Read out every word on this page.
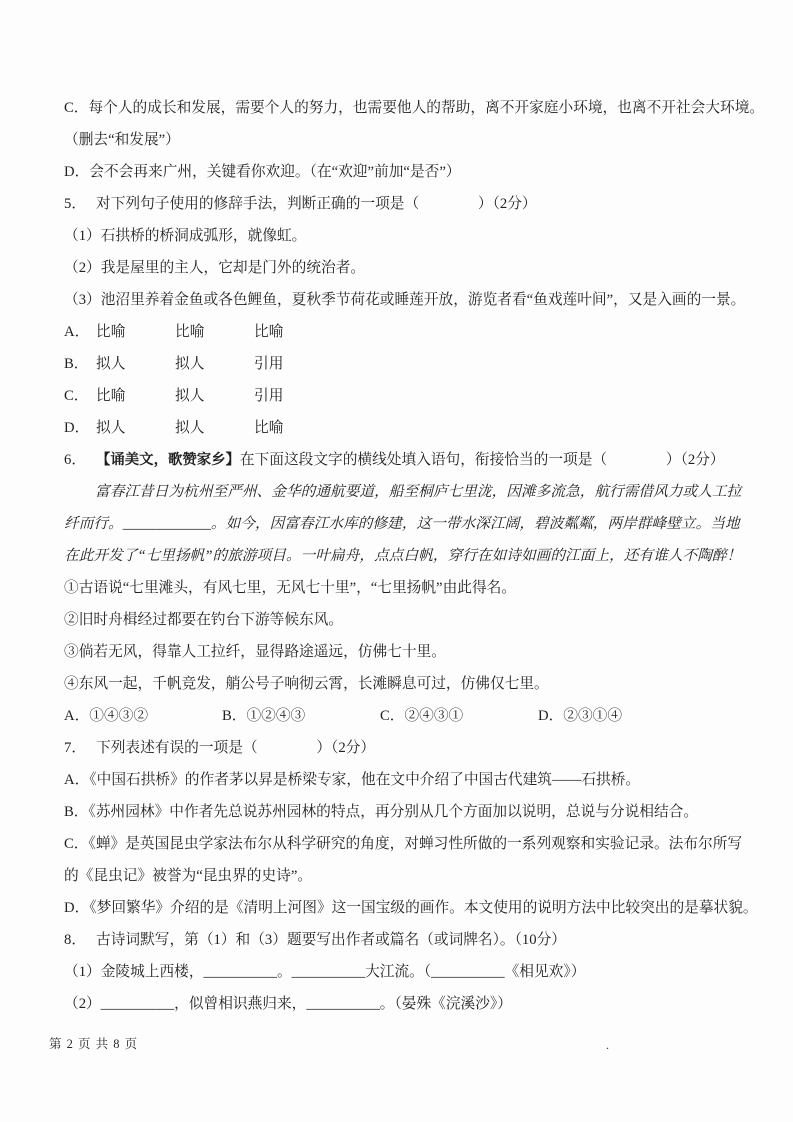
C．每个人的成长和发展，需要个人的努力，也需要他人的帮助，离不开家庭小环境，也离不开社会大环境。
（删去“和发展”）
D．会不会再来广州，关键看你欢迎。（在“欢迎”前加“是否”）
5． 对下列句子使用的修辞手法，判断正确的一项是（　　　　）（2分）
（1）石拱桥的桥洞成弧形，就像虹。
（2）我是屋里的主人，它却是门外的统治者。
（3）池沼里养着金鱼或各色鲤鱼，夏秋季节荷花或睡莲开放，游览者看“鱼戏莲叶间”，又是入画的一景。
A． 比喻	比喻	比喻
B． 拟人	拟人	引用
C． 比喻	拟人	引用
D． 拟人	拟人	比喻
6． 【诵美文，歌赞家乡】在下面这段文字的横线处填入语句，衔接恰当的一项是（　　　　）（2分）
富春江昔日为杭州至严州、金华的通航要道，船至桐庐七里泷，因滩多流急，航行需借风力或人工拉
纤而行。____________。如今，因富春江水库的修建，这一带水深江阔，碧波粼粼，两岸群峰壁立。当地
在此开发了“七里扬帆”的旅游项目。一叶扁舟，点点白帆，穿行在如诗如画的江面上，还有谁人不陶醉！
①古语说“七里滩头，有风七里，无风七十里”，“七里扬帆”由此得名。
②旧时舟楫经过都要在钓台下游等候东风。
③倘若无风，得靠人工拉纤，显得路途遥远，仿佛七十里。
④东风一起，千帆竞发，艄公号子响彻云霄，长滩瞬息可过，仿佛仅七里。
A．①④③②	B．①②④③	C．②④③①	D．②③①④
7． 下列表述有误的一项是（　　　　）（2分）
A．《中国石拱桥》的作者茅以昇是桥梁专家，他在文中介绍了中国古代建筑——石拱桥。
B．《苏州园林》中作者先总说苏州园林的特点，再分别从几个方面加以说明，总说与分说相结合。
C．《蝉》是英国昆虫学家法布尔从科学研究的角度，对蝉习性所做的一系列观察和实验记录。法布尔所写
的《昆虫记》被誉为“昆虫界的史诗”。
D．《梦回繁华》介绍的是《清明上河图》这一国宝级的画作。本文使用的说明方法中比较突出的是摹状貌。
8． 古诗词默写，第（1）和（3）题要写出作者或篇名（或词牌名）。（10分）
（1）金陵城上西楼，__________。__________大江流。（__________《相见欢》）
（2）__________，似曾相识燕归来，__________。（晏殊《浣溪沙》）
第 2 页 共 8 页	.
